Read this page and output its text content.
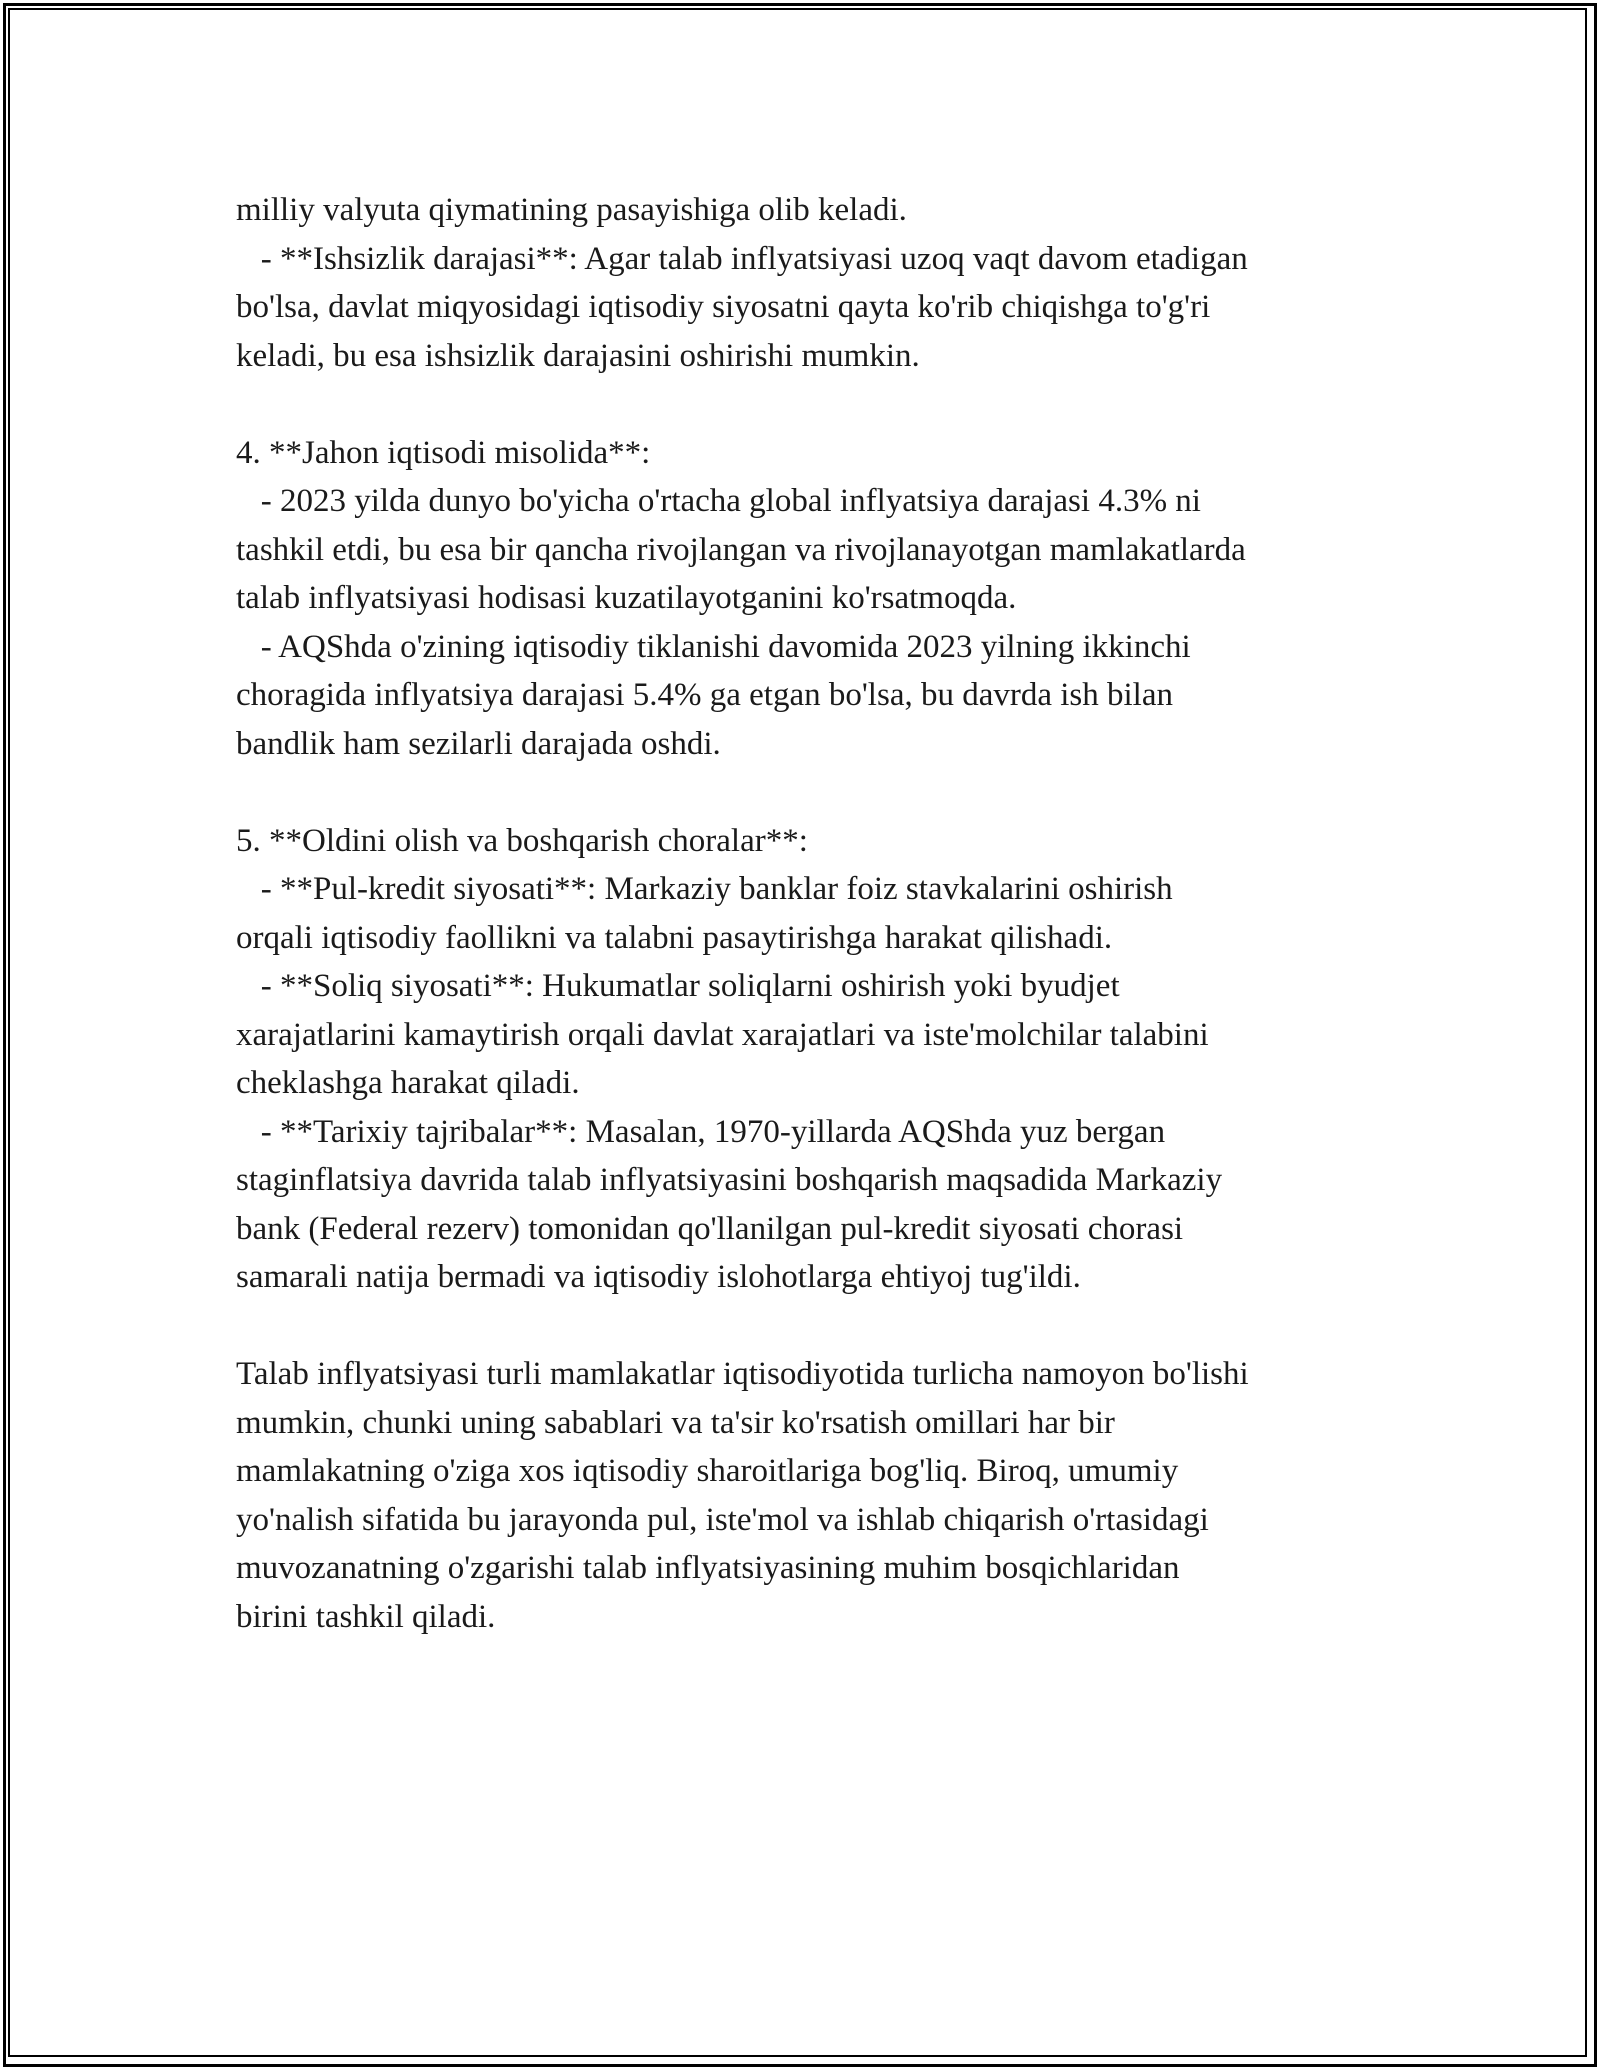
milliy valyuta qiymatining pasayishiga olib keladi.
- **Ishsizlik darajasi**: Agar talab inflyatsiyasi uzoq vaqt davom etadigan
bo'lsa, davlat miqyosidagi iqtisodiy siyosatni qayta ko'rib chiqishga to'g'ri
keladi, bu esa ishsizlik darajasini oshirishi mumkin.
4. **Jahon iqtisodi misolida**:
- 2023 yilda dunyo bo'yicha o'rtacha global inflyatsiya darajasi 4.3% ni
tashkil etdi, bu esa bir qancha rivojlangan va rivojlanayotgan mamlakatlarda
talab inflyatsiyasi hodisasi kuzatilayotganini ko'rsatmoqda.
- AQShda o'zining iqtisodiy tiklanishi davomida 2023 yilning ikkinchi
choragida inflyatsiya darajasi 5.4% ga etgan bo'lsa, bu davrda ish bilan
bandlik ham sezilarli darajada oshdi.
5. **Oldini olish va boshqarish choralar**:
- **Pul-kredit siyosati**: Markaziy banklar foiz stavkalarini oshirish
orqali iqtisodiy faollikni va talabni pasaytirishga harakat qilishadi.
- **Soliq siyosati**: Hukumatlar soliqlarni oshirish yoki byudjet
xarajatlarini kamaytirish orqali davlat xarajatlari va iste'molchilar talabini
cheklashga harakat qiladi.
- **Tarixiy tajribalar**: Masalan, 1970-yillarda AQShda yuz bergan
staginflatsiya davrida talab inflyatsiyasini boshqarish maqsadida Markaziy
bank (Federal rezerv) tomonidan qo'llanilgan pul-kredit siyosati chorasi
samarali natija bermadi va iqtisodiy islohotlarga ehtiyoj tug'ildi.
Talab inflyatsiyasi turli mamlakatlar iqtisodiyotida turlicha namoyon bo'lishi
mumkin, chunki uning sabablari va ta'sir ko'rsatish omillari har bir
mamlakatning o'ziga xos iqtisodiy sharoitlariga bog'liq. Biroq, umumiy
yo'nalish sifatida bu jarayonda pul, iste'mol va ishlab chiqarish o'rtasidagi
muvozanatning o'zgarishi talab inflyatsiyasining muhim bosqichlaridan
birini tashkil qiladi.
